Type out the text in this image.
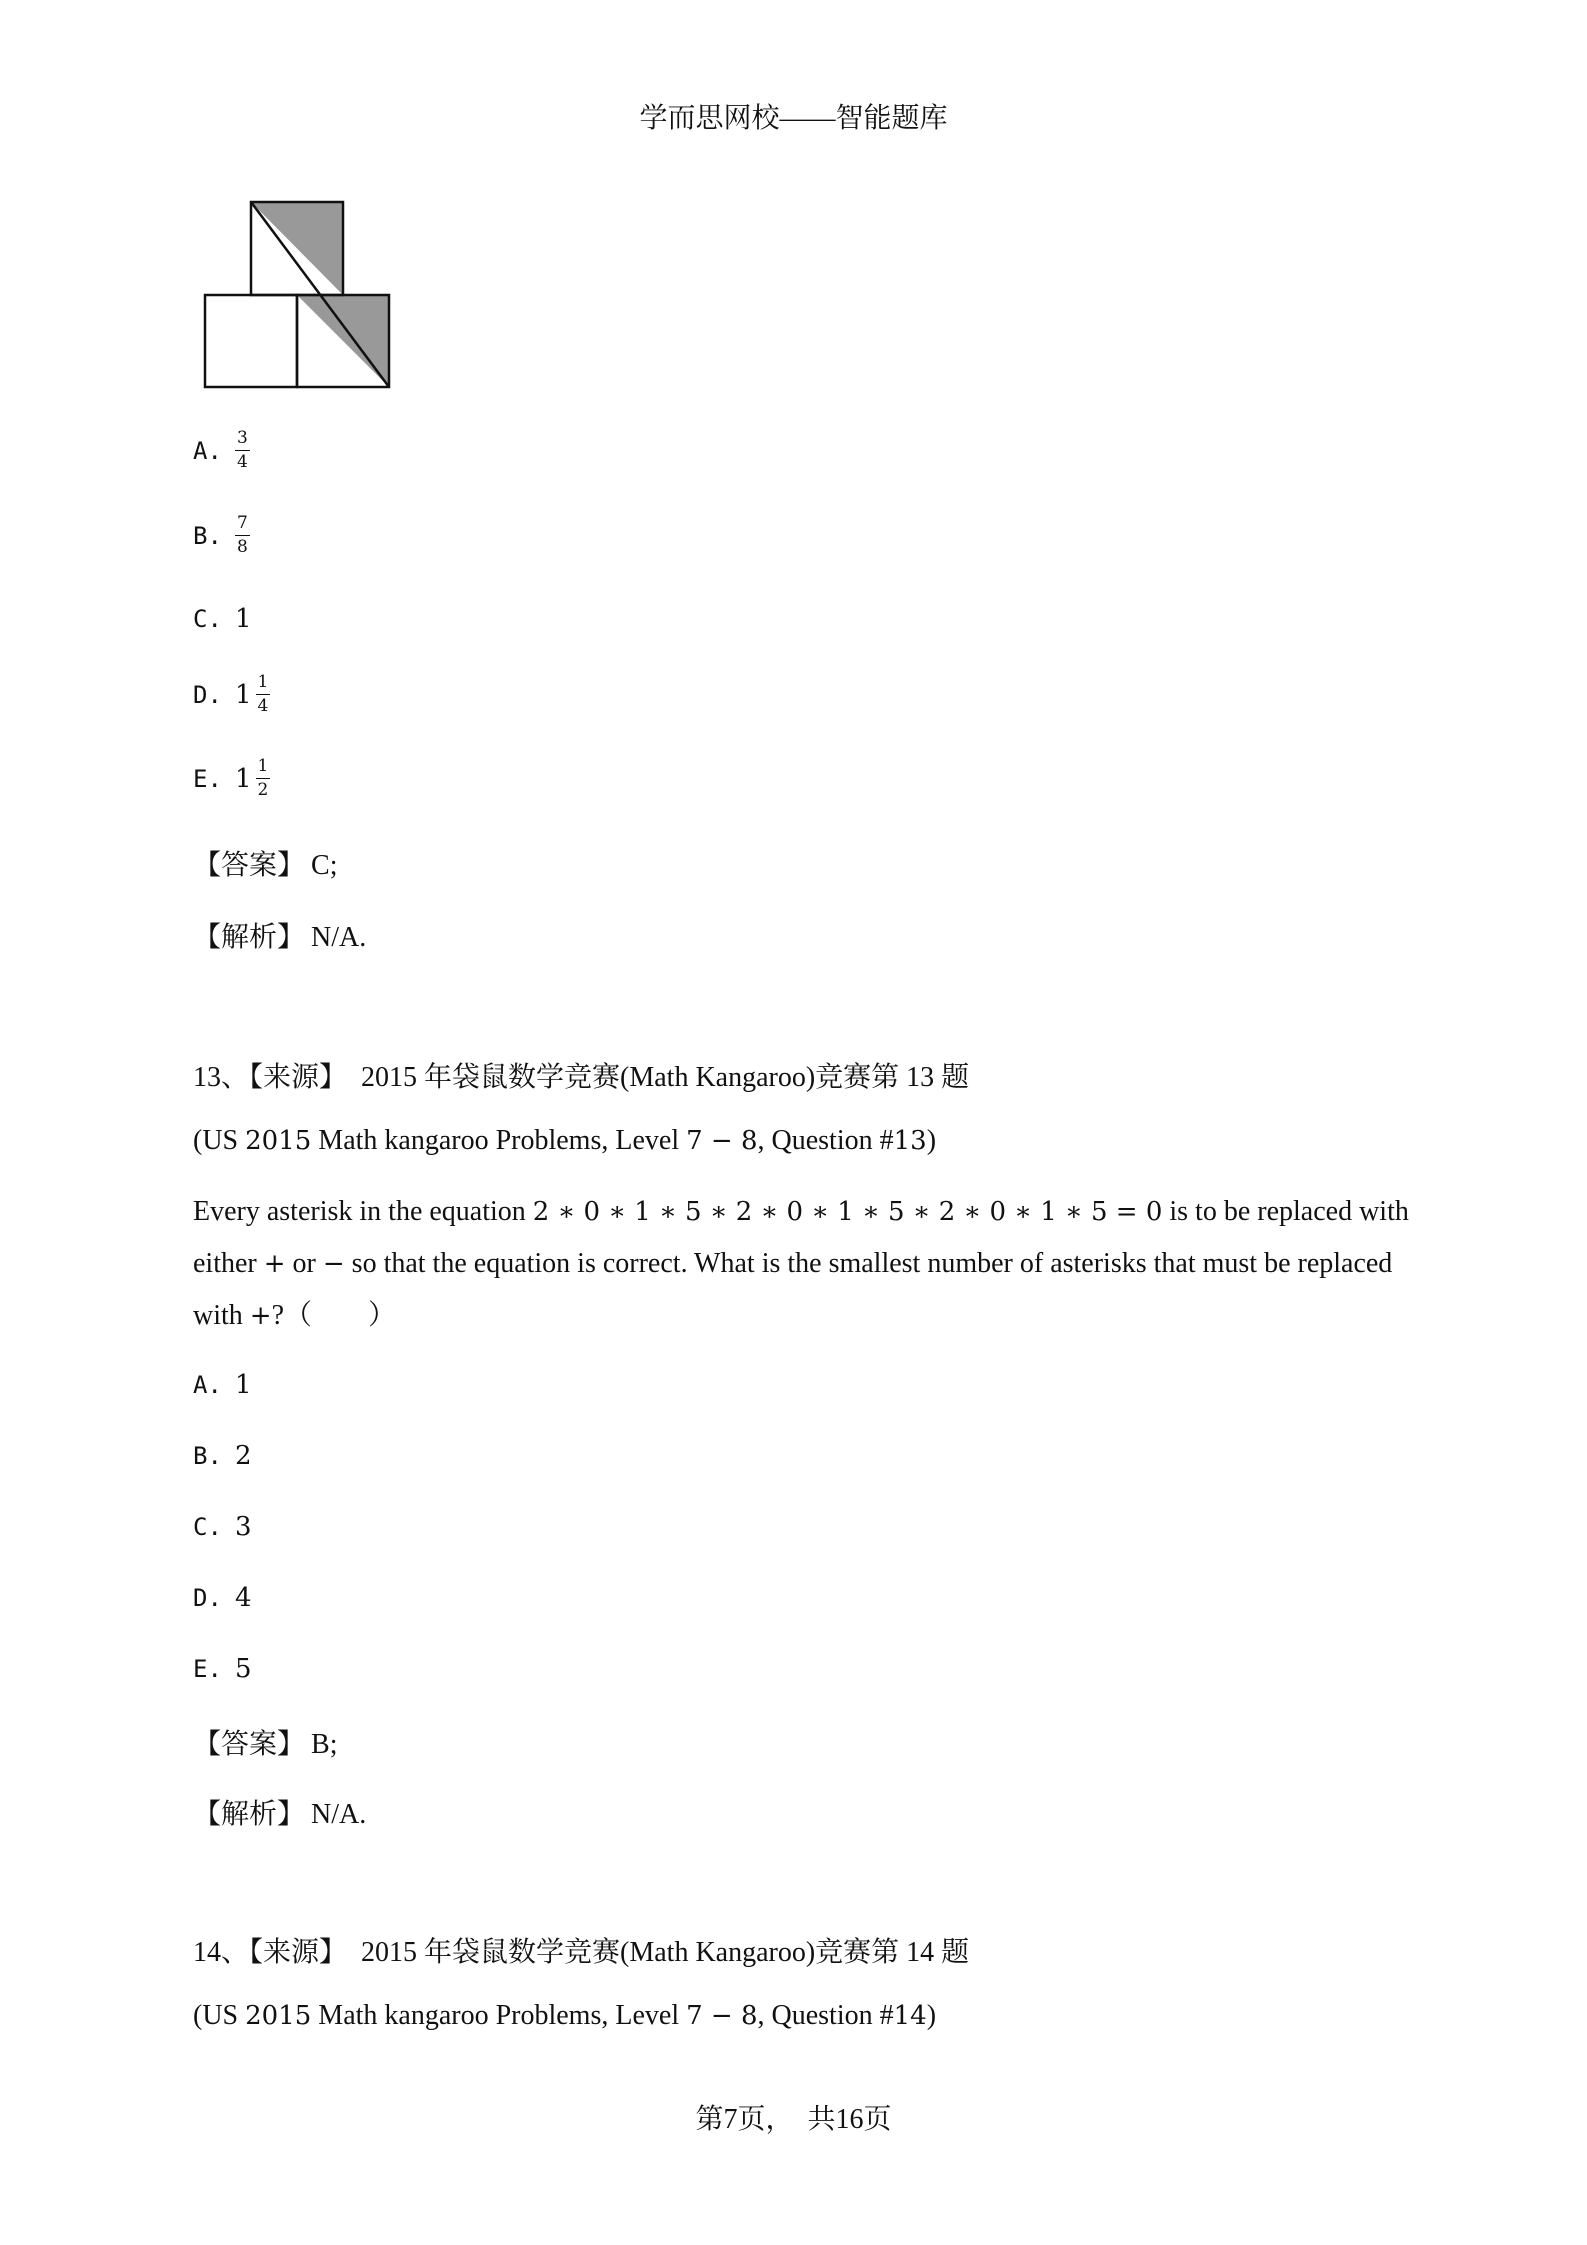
学而思网校——智能题库
A. $\frac{3}{4}$
B. $\frac{7}{8}$
C. 1
D. $1 \frac{1}{4}$
E. $1 \frac{1}{2}$
【答案】 C;
【解析】 N/A.
13、【来源】 2015 年袋鼠数学竞赛(Math Kangaroo)竞赛第 13 题
(US 2015 Math kangaroo Problems, Level 7 − 8, Question #13)
Every asterisk in the equation 2 ∗ 0 ∗ 1 ∗ 5 ∗ 2 ∗ 0 ∗ 1 ∗ 5 ∗ 2 ∗ 0 ∗ 1 ∗ 5 = 0 is to be replaced with either + or − so that the equation is correct. What is the smallest number of asterisks that must be replaced with +?（　　）
A. 1
B. 2
C. 3
D. 4
E. 5
【答案】 B;
【解析】 N/A.
14、【来源】 2015 年袋鼠数学竞赛(Math Kangaroo)竞赛第 14 题
(US 2015 Math kangaroo Problems, Level 7 − 8, Question #14)
第7页，　共16页
